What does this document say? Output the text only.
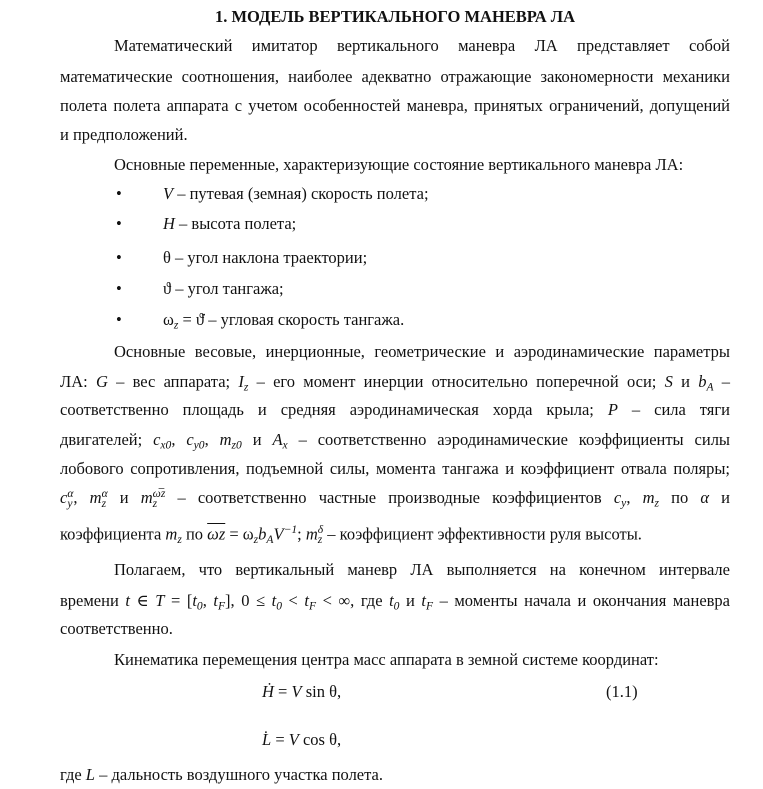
1. МОДЕЛЬ ВЕРТИКАЛЬНОГО МАНЕВРА ЛА
Математический имитатор вертикального маневра ЛА представляет собой
математические соотношения, наиболее адекватно отражающие закономерности механики
полета полета аппарата с учетом особенностей маневра, принятых ограничений, допущений
и предположений.
Основные переменные, характеризующие состояние вертикального маневра ЛА:
• V – путевая (земная) скорость полета;
• H – высота полета;
• θ – угол наклона траектории;
• ϑ – угол тангажа;
• $\omega_z$ = ϑ̇ – угловая скорость тангажа.
Основные весовые, инерционные, геометрические и аэродинамические параметры
ЛА: G – вес аппарата; $I_z$ – его момент инерции относительно поперечной оси; S и $b_A$ –
соответственно площадь и средняя аэродинамическая хорда крыла; P – сила тяги
двигателей; $c_{x0}$, $c_{y0}$, $m_{z0}$ и $A_x$ – соответственно аэродинамические коэффициенты силы
лобового сопротивления, подъемной силы, момента тангажа и коэффициент отвала поляры;
c α
y , m α
z и m ω̅z
z – соответственно частные производные коэффициентов $c_y$, $m_z$ по α и
коэффициента $m_z$ по $\overline{\omega z} = \omega_zb_AV^{-1}$; m δ
z – коэффициент эффективности руля высоты.
Полагаем, что вертикальный маневр ЛА выполняется на конечном интервале
времени t ∈ $T = [t_0$, $t_F$], $0 \le t_0 < t_F$ < ∞, где $t_0$ и $t_F$ – моменты начала и окончания маневра
соответственно.
Кинематика перемещения центра масс аппарата в земной системе координат:
Ḣ = V sin θ,	(1.1)
L̇ = V cos θ,
где L – дальность воздушного участка полета.
